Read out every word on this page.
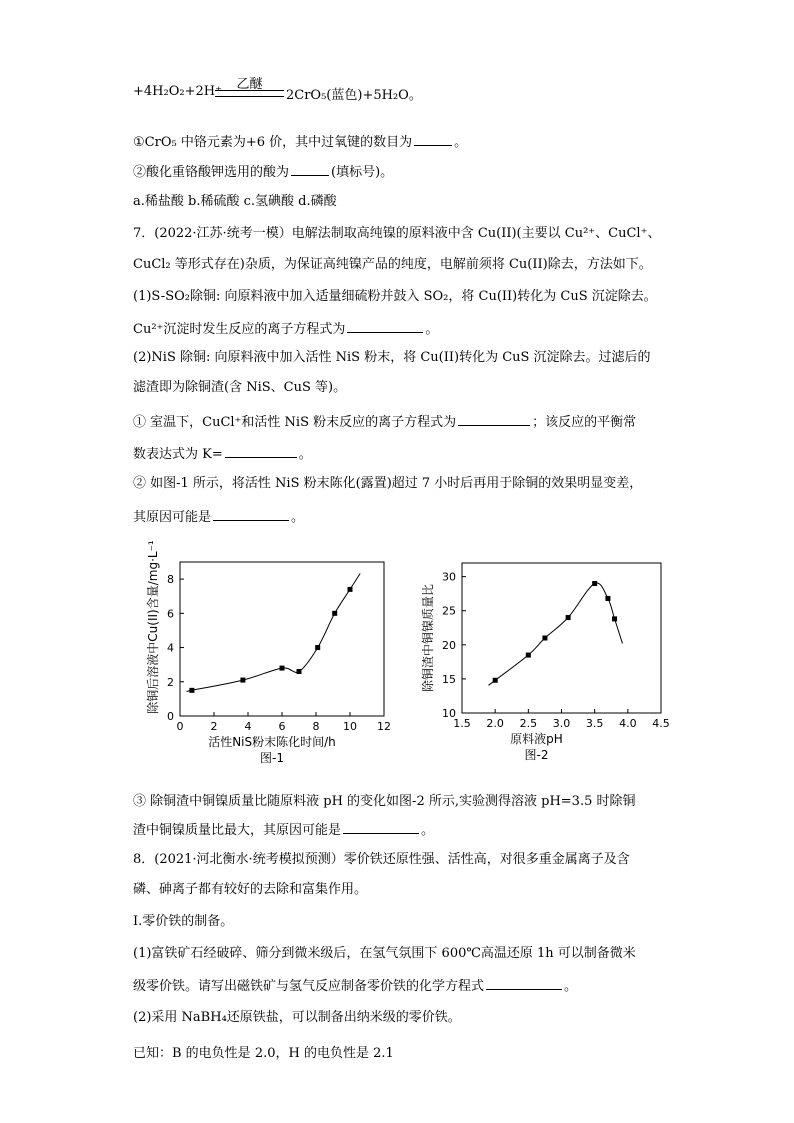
+4H₂O₂+2H⁺	乙醚
2CrO₅(蓝色)+5H₂O。
①CrO₅ 中铬元素为+6 价，其中过氧键的数目为	。
②酸化重铬酸钾选用的酸为	(填标号)。
a.稀盐酸 b.稀硫酸 c.氢碘酸 d.磷酸
7．(2022·江苏·统考一模）电解法制取高纯镍的原料液中含 Cu(II)(主要以 Cu²⁺、CuCl⁺、
CuCl₂ 等形式存在)杂质，为保证高纯镍产品的纯度，电解前须将 Cu(II)除去，方法如下。
(1)S-SO₂除铜: 向原料液中加入适量细硫粉并鼓入 SO₂，将 Cu(II)转化为 CuS 沉淀除去。
Cu²⁺沉淀时发生反应的离子方程式为	。
(2)NiS 除铜: 向原料液中加入活性 NiS 粉末，将 Cu(II)转化为 CuS 沉淀除去。过滤后的
滤渣即为除铜渣(含 NiS、CuS 等)。
① 室温下，CuCl⁺和活性 NiS 粉末反应的离子方程式为	；该反应的平衡常
数表达式为 K=	。
② 如图-1 所示，将活性 NiS 粉末陈化(露置)超过 7 小时后再用于除铜的效果明显变差，
其原因可能是	。
0 2 4 6 8 10 12
0
2
4
6
8
活性NiS粉末陈化时间/h
图-1
除铜后溶液中Cu(II)含量/mg·L⁻¹
1.5 2.0 2.5 3.0 3.5 4.0 4.5
10
15
20
25
30
原料液pH
图-2
除铜渣中铜镍质量比
③ 除铜渣中铜镍质量比随原料液 pH 的变化如图-2 所示,实验测得溶液 pH=3.5 时除铜
渣中铜镍质量比最大，其原因可能是	。
8．(2021·河北衡水·统考模拟预测）零价铁还原性强、活性高，对很多重金属离子及含
磷、砷离子都有较好的去除和富集作用。
Ⅰ.零价铁的制备。
(1)富铁矿石经破碎、筛分到微米级后，在氢气氛围下 600℃高温还原 1h 可以制备微米
级零价铁。请写出磁铁矿与氢气反应制备零价铁的化学方程式	。
(2)采用 NaBH₄还原铁盐，可以制备出纳米级的零价铁。
已知：B 的电负性是 2.0，H 的电负性是 2.1
